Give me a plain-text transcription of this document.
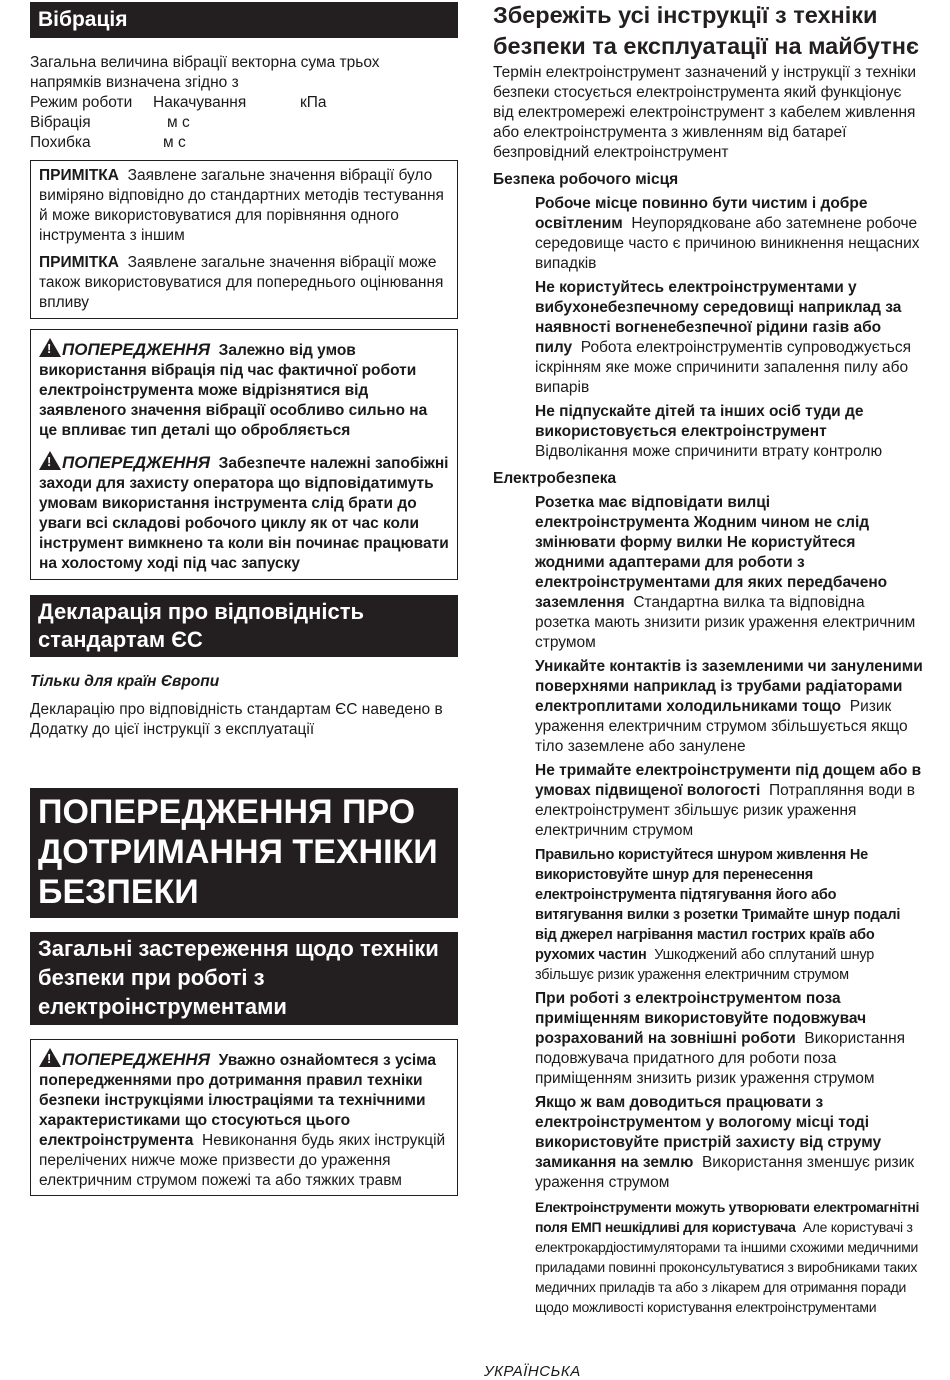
Вібрація

Загальна величина вібрації векторна сума трьох напрямків визначена згідно з

Режим роботи	Накачування	кПа
Вібрація	м с
Похибка	м с

ПРИМІТКА Заявлене загальне значення вібрації було виміряно відповідно до стандартних методів тестування й може використовуватися для порівняння одного інструмента з іншим

ПРИМІТКА Заявлене загальне значення вібрації може також використовуватися для попереднього оцінювання впливу

!ПОПЕРЕДЖЕННЯ Залежно від умов використання вібрація під час фактичної роботи електроінструмента може відрізнятися від заявленого значення вібрації особливо сильно на це впливає тип деталі що обробляється

!ПОПЕРЕДЖЕННЯ Забезпечте належні запобіжні заходи для захисту оператора що відповідатимуть умовам використання інструмента слід брати до уваги всі складові робочого циклу як от час коли інструмент вимкнено та коли він починає працювати на холостому ході під час запуску

Декларація про відповідність стандартам ЄС

Тільки для країн Європи

Декларацію про відповідність стандартам ЄС наведено в Додатку до цієї інструкції з експлуатації

ПОПЕРЕДЖЕННЯ ПРО ДОТРИМАННЯ ТЕХНІКИ БЕЗПЕКИ
Загальні застереження щодо техніки безпеки при роботі з електроінструментами

!ПОПЕРЕДЖЕННЯ Уважно ознайомтеся з усіма попередженнями про дотримання правил техніки безпеки інструкціями ілюстраціями та технічними характеристиками що стосуються цього електроінструмента Невиконання будь яких інструкцій перелічених нижче може призвести до ураження електричним струмом пожежі та або тяжких травм

Збережіть усі інструкції з техніки безпеки та експлуатації на майбутнє

Термін електроінструмент зазначений у інструкції з техніки безпеки стосується електроінструмента який функціонує від електромережі електроінструмент з кабелем живлення або електроінструмента з живленням від батареї безпровідний електроінструмент

Безпека робочого місця

Робоче місце повинно бути чистим і добре освітленим Неупорядковане або затемнене робоче середовище часто є причиною виникнення нещасних випадків
Не користуйтесь електроінструментами у вибухонебезпечному середовищі наприклад за наявності вогненебезпечної рідини газів або пилу Робота електроінструментів супроводжується іскрінням яке може спричинити запалення пилу або випарів
Не підпускайте дітей та інших осіб туди де використовується електроінструмент  Відволікання може спричинити втрату контролю

Електробезпека

Розетка має відповідати вилці електроінструмента Жодним чином не слід змінювати форму вилки Не користуйтеся жодними адаптерами для роботи з електроінструментами для яких передбачено заземлення Стандартна вилка та відповідна розетка мають знизити ризик ураження електричним струмом
Уникайте контактів із заземленими чи зануленими поверхнями наприклад із трубами радіаторами електроплитами холодильниками тощо Ризик ураження електричним струмом збільшується якщо тіло заземлене або занулене
Не тримайте електроінструменти під дощем або в умовах підвищеної вологості Потрапляння води в електроінструмент збільшує ризик ураження електричним струмом
Правильно користуйтеся шнуром живлення Не використовуйте шнур для перенесення електроінструмента підтягування його або витягування вилки з розетки Тримайте шнур подалі від джерел нагрівання мастил гострих країв або рухомих частин Ушкоджений або сплутаний шнур збільшує ризик ураження електричним струмом
При роботі з електроінструментом поза приміщенням використовуйте подовжувач розрахований на зовнішні роботи Використання подовжувача придатного для роботи поза приміщенням знизить ризик ураження струмом
Якщо ж вам доводиться працювати з електроінструментом у вологому місці тоді використовуйте пристрій захисту від струму замикання на землю Використання зменшує ризик ураження струмом
Електроінструменти можуть утворювати електромагнітні поля ЕМП нешкідливі для користувача Але користувачі з електрокардіостимуляторами та іншими схожими медичними приладами повинні проконсультуватися з виробниками таких медичних приладів та або з лікарем для отримання поради щодо можливості користування електроінструментами
УКРАЇНСЬКА
